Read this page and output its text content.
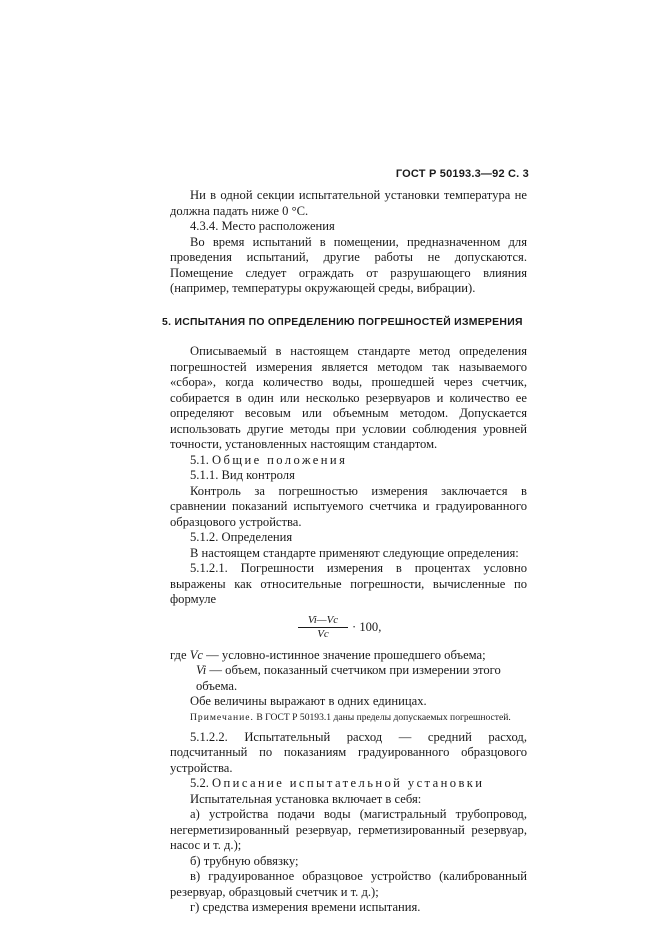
ГОСТ Р 50193.3—92 С. 3

Ни в одной секции испытательной установки температура не должна падать ниже 0 °С.

4.3.4. Место расположения

Во время испытаний в помещении, предназначенном для проведения испытаний, другие работы не допускаются. Помещение следует ограждать от разрушающего влияния (например, температуры окружающей среды, вибрации).

5. ИСПЫТАНИЯ ПО ОПРЕДЕЛЕНИЮ ПОГРЕШНОСТЕЙ ИЗМЕРЕНИЯ

Описываемый в настоящем стандарте метод определения погрешностей измерения является методом так называемого «сбора», когда количество воды, прошедшей через счетчик, собирается в один или несколько резервуаров и количество ее определяют весовым или объемным методом. Допускается использовать другие методы при условии соблюдения уровней точности, установленных настоящим стандартом.

5.1. Общие положения

5.1.1. Вид контроля

Контроль за погрешностью измерения заключается в сравнении показаний испытуемого счетчика и градуированного образцового устройства.

5.1.2. Определения

В настоящем стандарте применяют следующие определения:

5.1.2.1. Погрешности измерения в процентах условно выражены как относительные погрешности, вычисленные по формуле

$\frac{Vi—Vc}{Vc} \cdot 100$,
где Vc — условно-истинное значение прошедшего объема;
Vi — объем, показанный счетчиком при измерении этого объема.

Обе величины выражают в одних единицах.

Примечание. В ГОСТ Р 50193.1 даны пределы допускаемых погрешностей.

5.1.2.2. Испытательный расход — средний расход, подсчитанный по показаниям градуированного образцового устройства.

5.2. Описание испытательной установки

Испытательная установка включает в себя:

а) устройства подачи воды (магистральный трубопровод, негерметизированный резервуар, герметизированный резервуар, насос и т. д.);

б) трубную обвязку;

в) градуированное образцовое устройство (калиброванный резервуар, образцовый счетчик и т. д.);

г) средства измерения времени испытания.
